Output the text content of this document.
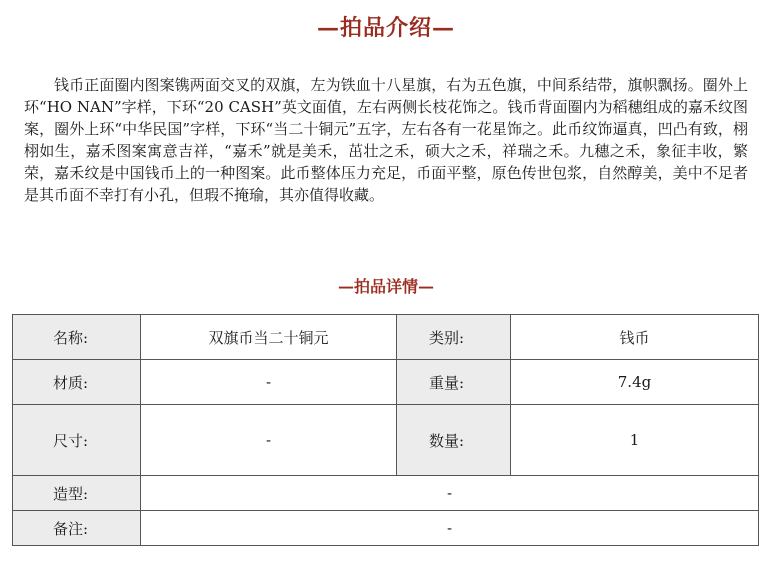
—拍品介绍—

钱币正面圈内图案镌两面交叉的双旗，左为铁血十八星旗，右为五色旗，中间系结带，旗帜飘扬。圈外上环“HO NAN”字样，下环“20 CASH”英文面值，左右两侧长枝花饰之。钱币背面圈内为稻穗组成的嘉禾纹图案，圈外上环“中华民国”字样，下环“当二十铜元”五字，左右各有一花星饰之。此币纹饰逼真，凹凸有致，栩栩如生，嘉禾图案寓意吉祥，“嘉禾”就是美禾，茁壮之禾，硕大之禾，祥瑞之禾。九穗之禾，象征丰收，繁荣，嘉禾纹是中国钱币上的一种图案。此币整体压力充足，币面平整，原色传世包浆，自然醇美，美中不足者是其币面不幸打有小孔，但瑕不掩瑜，其亦值得收藏。

—拍品详情—
名称:	双旗币当二十铜元	类别:	钱币
材质:	-	重量:	7.4g
尺寸:	-	数量:	1
造型:	-		
备注:	-		
